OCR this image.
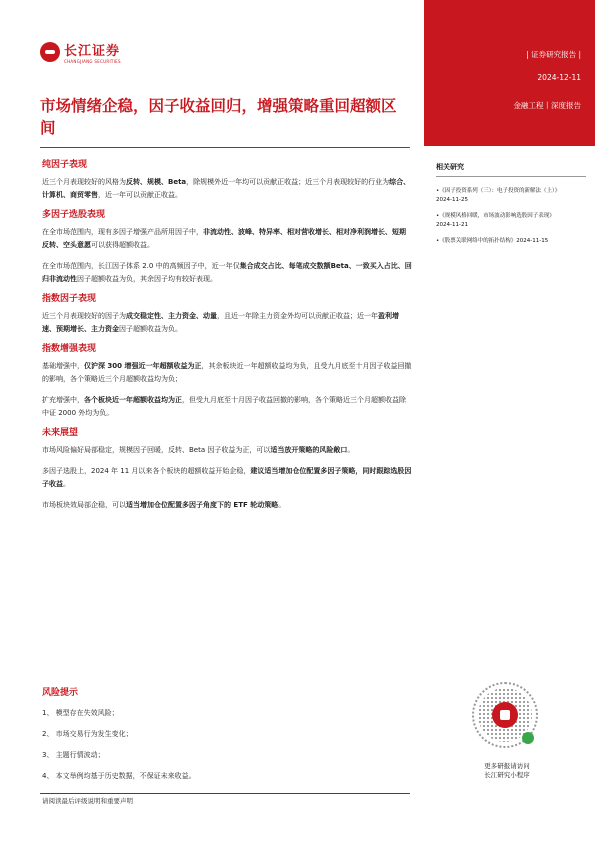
| 证券研究报告 |
2024-12-11
金融工程丨深度报告
长江证券
CHANGJIANG SECURITIES
市场情绪企稳，因子收益回归，增强策略重回超额区间
纯因子表现
近三个月表现较好的风格为反转、规模、Beta，除规模外近一年均可以贡献正收益；近三个月表现较好的行业为综合、计算机、商贸零售，近一年可以贡献正收益。
多因子选股表现
在全市场范围内，现有多因子增强产品所用因子中，非流动性、波峰、特异率、相对营收增长、相对净利润增长、短期反转、空头意愿可以获得超额收益。
在全市场范围内，长江因子体系 2.0 中的高频因子中，近一年仅集合成交占比、每笔成交数额Beta、一致买入占比、回归非流动性因子超额收益为负，其余因子均有较好表现。
指数因子表现
近三个月表现较好的因子为成交稳定性、主力资金、动量，且近一年除主力资金外均可以贡献正收益；近一年盈利增速、预期增长、主力资金因子超额收益为负。
指数增强表现
基础增强中，仅沪深 300 增强近一年超额收益为正，其余板块近一年超额收益均为负，且受九月底至十月因子收益回撤的影响，各个策略近三个月超额收益均为负；
扩充增强中，各个板块近一年超额收益均为正，但受九月底至十月因子收益回撤的影响，各个策略近三个月超额收益除中证 2000 外均为负。
未来展望
市场风险偏好局部稳定，规模因子回暖，反转、Beta 因子收益为正，可以适当放开策略的风险敞口。
多因子选股上，2024 年 11 月以来各个板块的超额收益开始企稳，建议适当增加仓位配置多因子策略，同时跟踪选股因子收益。
市场板块效局部企稳，可以适当增加仓位配置多因子角度下的 ETF 轮动策略。
相关研究
•《因子投资系列（三）：电子投资的新解法（上）》
2024-11-25
•《规模风格回暖，市场波动影响选股因子表现》
2024-11-21
•《股票关联网络中的拓扑结构》2024-11-15
风险提示
1、 模型存在失效风险；
2、 市场交易行为发生变化；
3、 主题行情波动；
4、 本文举例均基于历史数据，不保证未来收益。
更多研报请访问
长江研究小程序
请阅读最后评级说明和重要声明
